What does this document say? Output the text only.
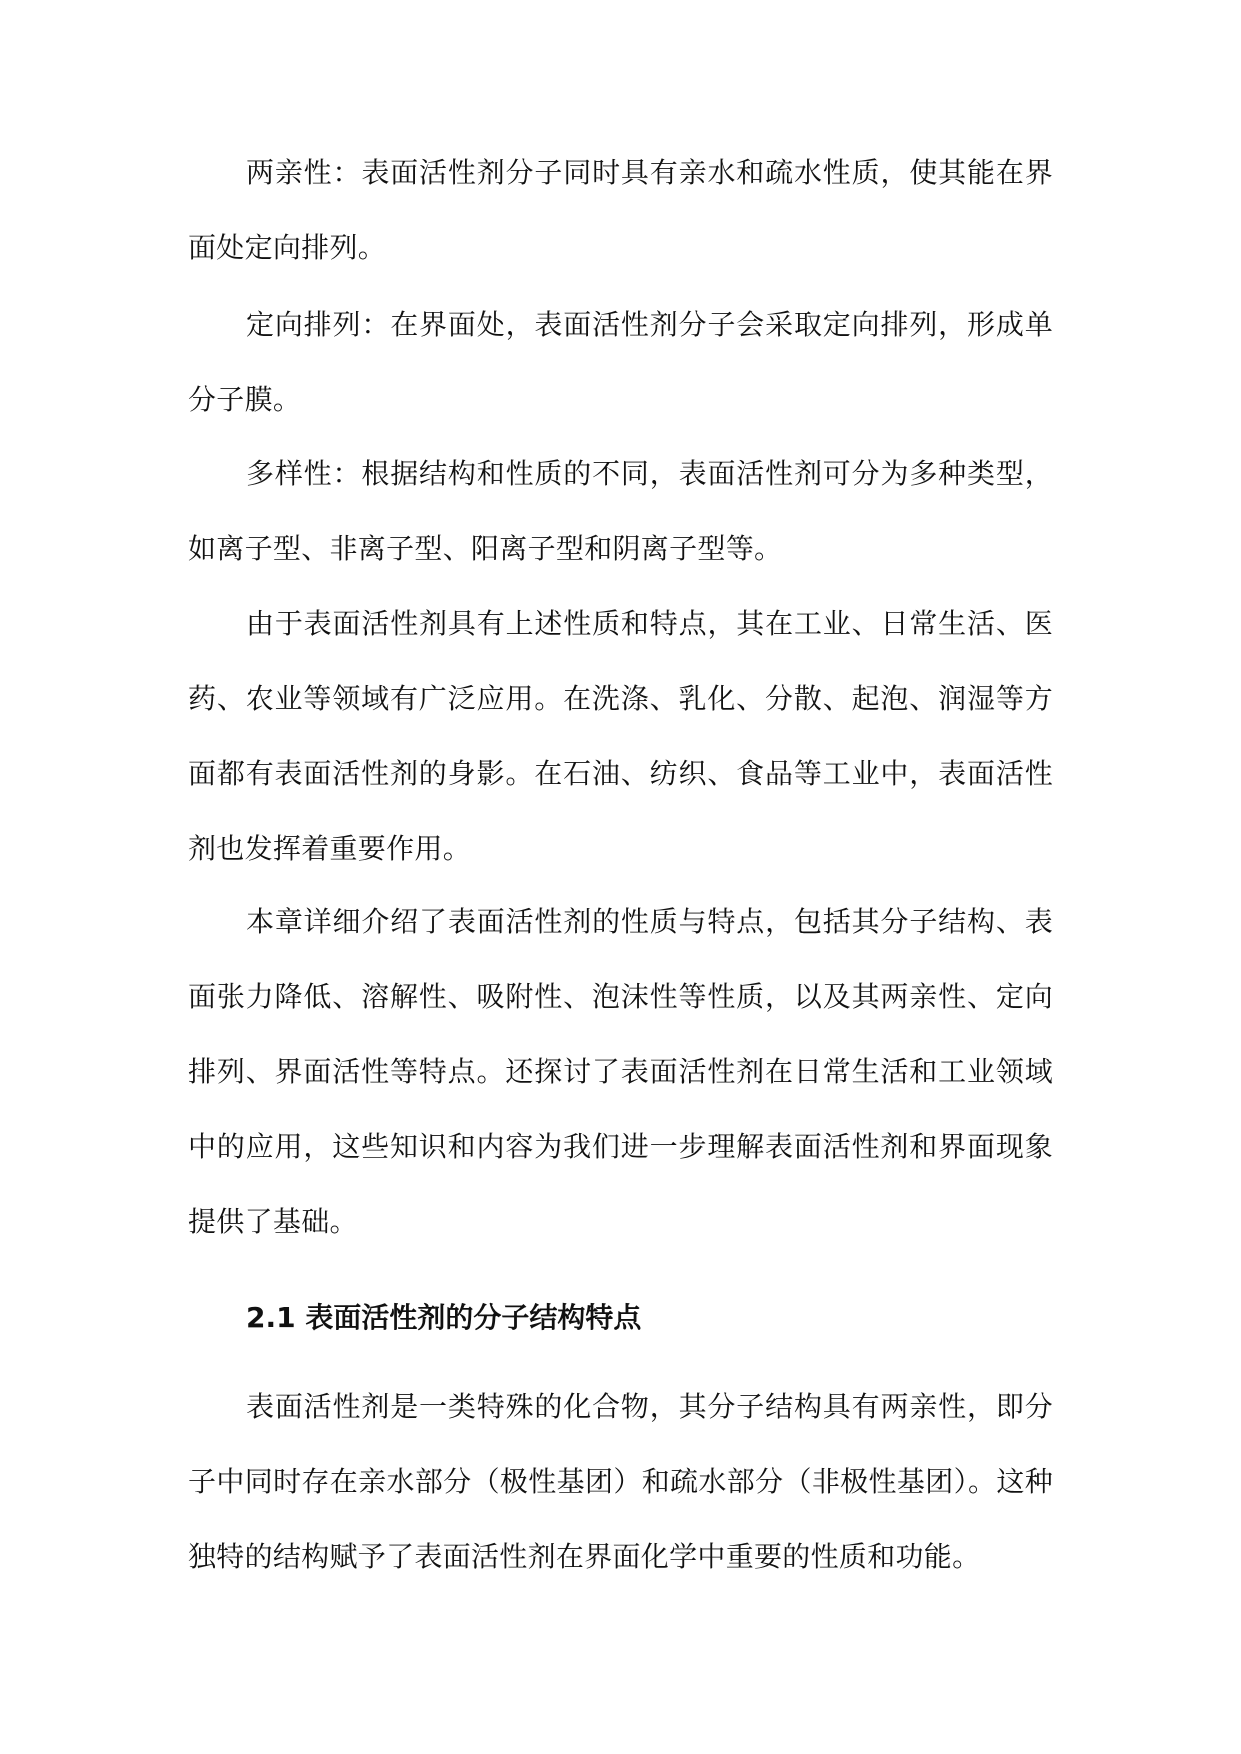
两亲性：表面活性剂分子同时具有亲水和疏水性质，使其能在界面处定向排列。

定向排列：在界面处，表面活性剂分子会采取定向排列，形成单分子膜。

多样性：根据结构和性质的不同，表面活性剂可分为多种类型，如离子型、非离子型、阳离子型和阴离子型等。

由于表面活性剂具有上述性质和特点，其在工业、日常生活、医药、农业等领域有广泛应用。在洗涤、乳化、分散、起泡、润湿等方面都有表面活性剂的身影。在石油、纺织、食品等工业中，表面活性剂也发挥着重要作用。

本章详细介绍了表面活性剂的性质与特点，包括其分子结构、表面张力降低、溶解性、吸附性、泡沫性等性质，以及其两亲性、定向排列、界面活性等特点。还探讨了表面活性剂在日常生活和工业领域中的应用，这些知识和内容为我们进一步理解表面活性剂和界面现象提供了基础。

2.1 表面活性剂的分子结构特点

表面活性剂是一类特殊的化合物，其分子结构具有两亲性，即分子中同时存在亲水部分（极性基团）和疏水部分（非极性基团）。这种独特的结构赋予了表面活性剂在界面化学中重要的性质和功能。
